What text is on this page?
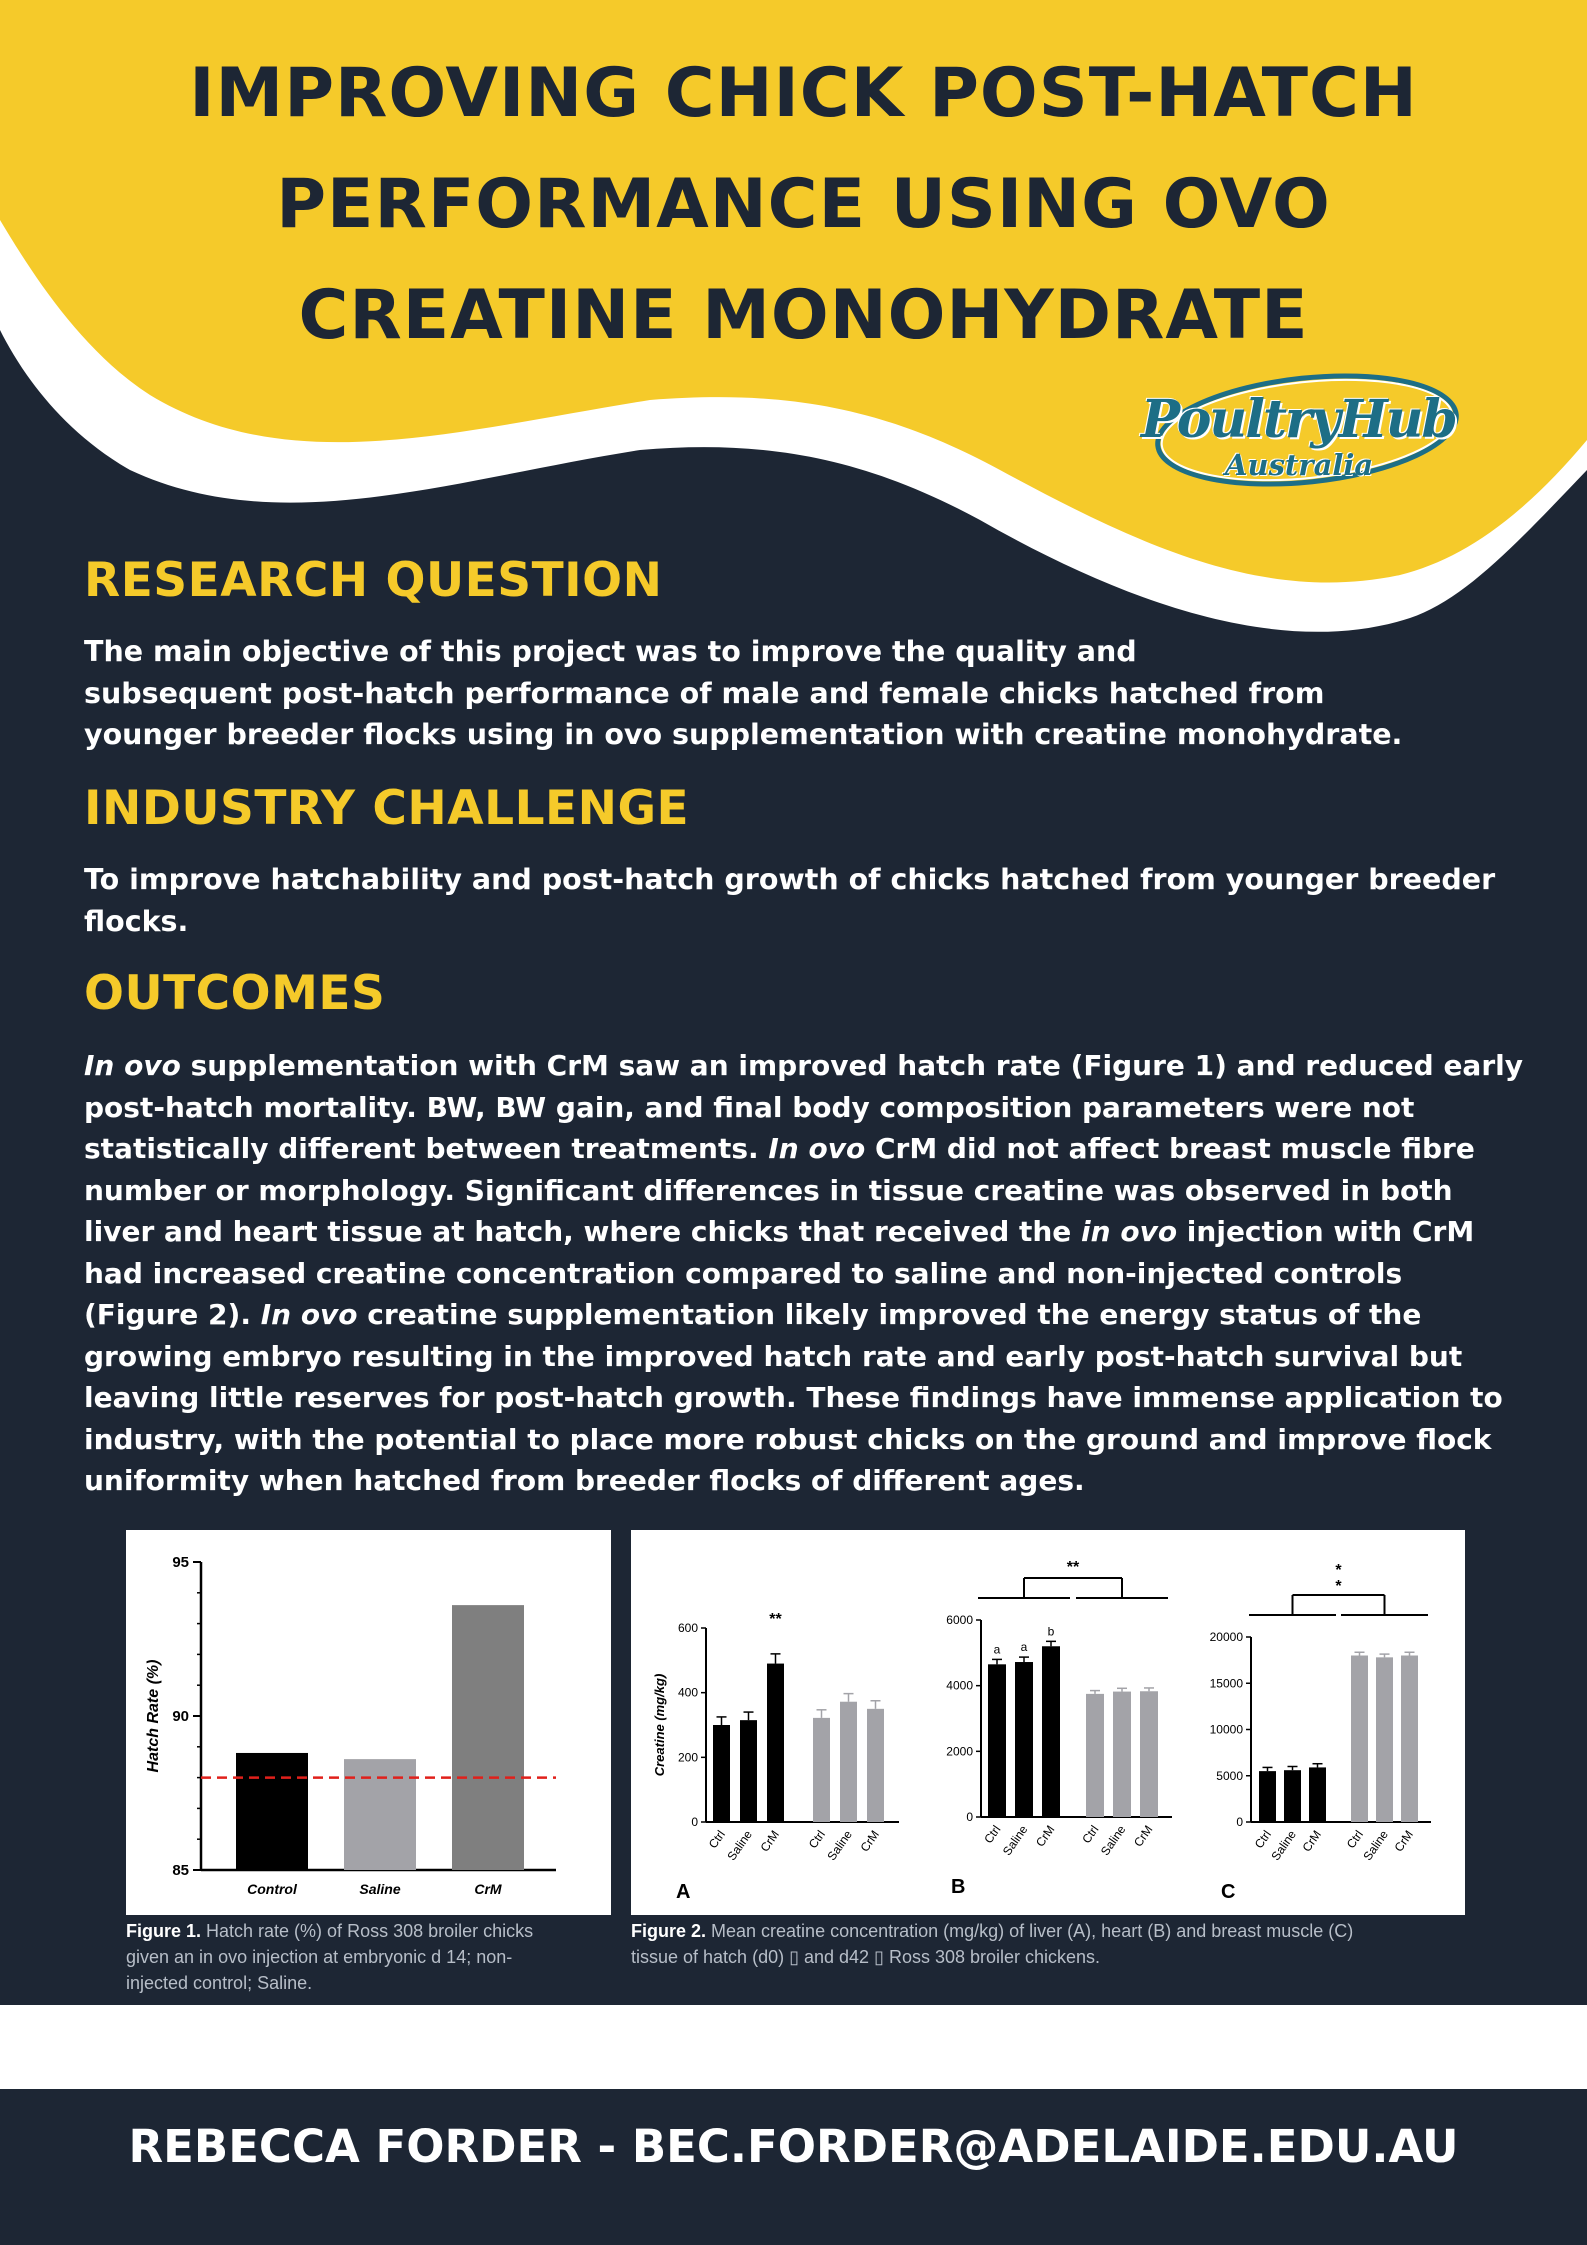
IMPROVING CHICK POST-HATCH
PERFORMANCE USING OVO
CREATINE MONOHYDRATE
PoultryHub
Australia
RESEARCH QUESTION
The main objective of this project was to improve the quality and
subsequent post-hatch performance of male and female chicks hatched from
younger breeder flocks using in ovo supplementation with creatine monohydrate.
INDUSTRY CHALLENGE
To improve hatchability and post-hatch growth of chicks hatched from younger breeder
flocks.
OUTCOMES
In ovo supplementation with CrM saw an improved hatch rate (Figure 1) and reduced early
post-hatch mortality. BW, BW gain, and final body composition parameters were not
statistically different between treatments. In ovo CrM did not affect breast muscle fibre
number or morphology. Significant differences in tissue creatine was observed in both
liver and heart tissue at hatch, where chicks that received the in ovo injection with CrM
had increased creatine concentration compared to saline and non-injected controls
(Figure 2). In ovo creatine supplementation likely improved the energy status of the
growing embryo resulting in the improved hatch rate and early post-hatch survival but
leaving little reserves for post-hatch growth. These findings have immense application to
industry, with the potential to place more robust chicks on the ground and improve flock
uniformity when hatched from breeder flocks of different ages.
85
90
95
Hatch Rate (%)
Control	Saline	CrM

Figure 1. Hatch rate (%) of Ross 308 broiler chicks
given an in ovo injection at embryonic d 14; non-
injected control; Saline.

0
200
400
600
Creatine (mg/kg)
Ctrl
Saline CrM Ctrl
Saline CrM
A
**
0
2000
4000
6000
Ctrl
a
Saline
a
CrM
b
Ctrl
Saline CrM
B
**
0
5000
10000
15000
20000
Ctrl
Saline CrM Ctrl
Saline CrM
C
*
*

Figure 2. Mean creatine concentration (mg/kg) of liver (A), heart (B) and breast muscle (C)
tissue of hatch (d0) ▯ and d42 ▯ Ross 308 broiler chickens.

REBECCA FORDER - BEC.FORDER@ADELAIDE.EDU.AU
